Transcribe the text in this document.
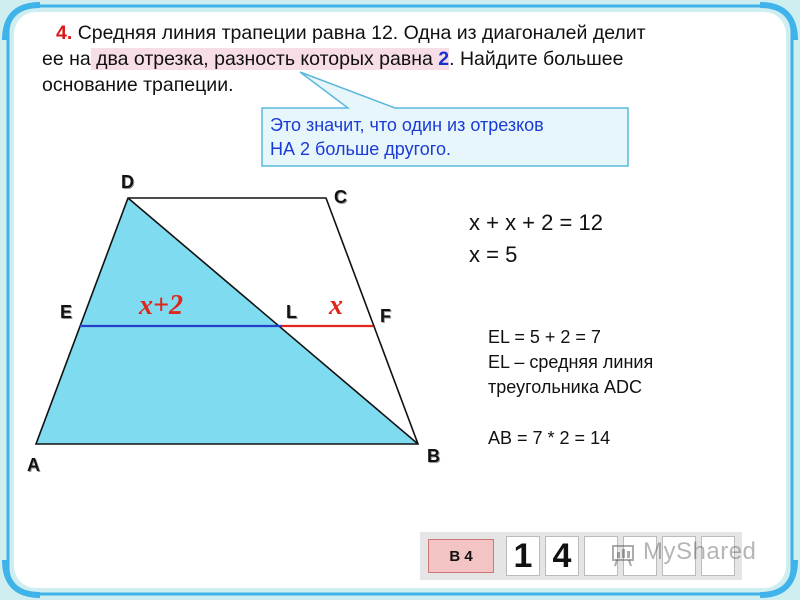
4. Средняя линия трапеции равна 12. Одна из диагоналей делит
ее на два отрезка, разность которых равна 2. Найдите большее
основание трапеции.
Это значит, что один из отрезков
НА 2 больше другого.
D
C
E	L	F
A	B
x+2	x
x + x + 2 = 12
x = 5
EL = 5 + 2 = 7
EL – средняя линия
треугольника ADC
AB = 7 * 2 = 14
В 4	1 4	MyShared
